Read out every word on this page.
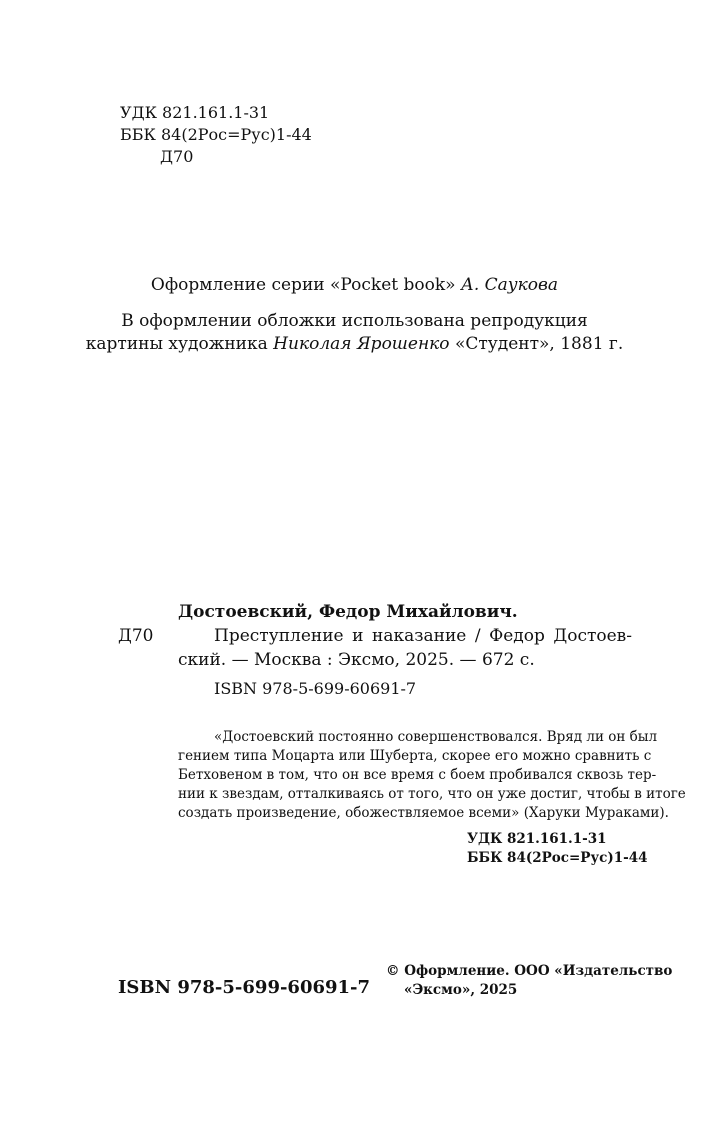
УДК 821.161.1-31
ББК 84(2Рос=Рус)1-44
Д70
Оформление серии «Pocket book» А. Саукова
В оформлении обложки использована репродукция
картины художника Николая Ярошенко «Студент», 1881 г.
Достоевский, Федор Михайлович.
Д70	Преступление и наказание / Федор Достоев-
ский. — Москва : Эксмо, 2025. — 672 с.
ISBN 978-5-699-60691-7
«Достоевский постоянно совершенствовался. Вряд ли он был
гением типа Моцарта или Шуберта, скорее его можно сравнить с
Бетховеном в том, что он все время с боем пробивался сквозь тер-
нии к звездам, отталкиваясь от того, что он уже достиг, чтобы в итоге
создать произведение, обожествляемое всеми» (Харуки Мураками).
УДК 821.161.1-31
ББК 84(2Рос=Рус)1-44
ISBN 978-5-699-60691-7
© Оформление. ООО «Издательство
«Эксмо», 2025
